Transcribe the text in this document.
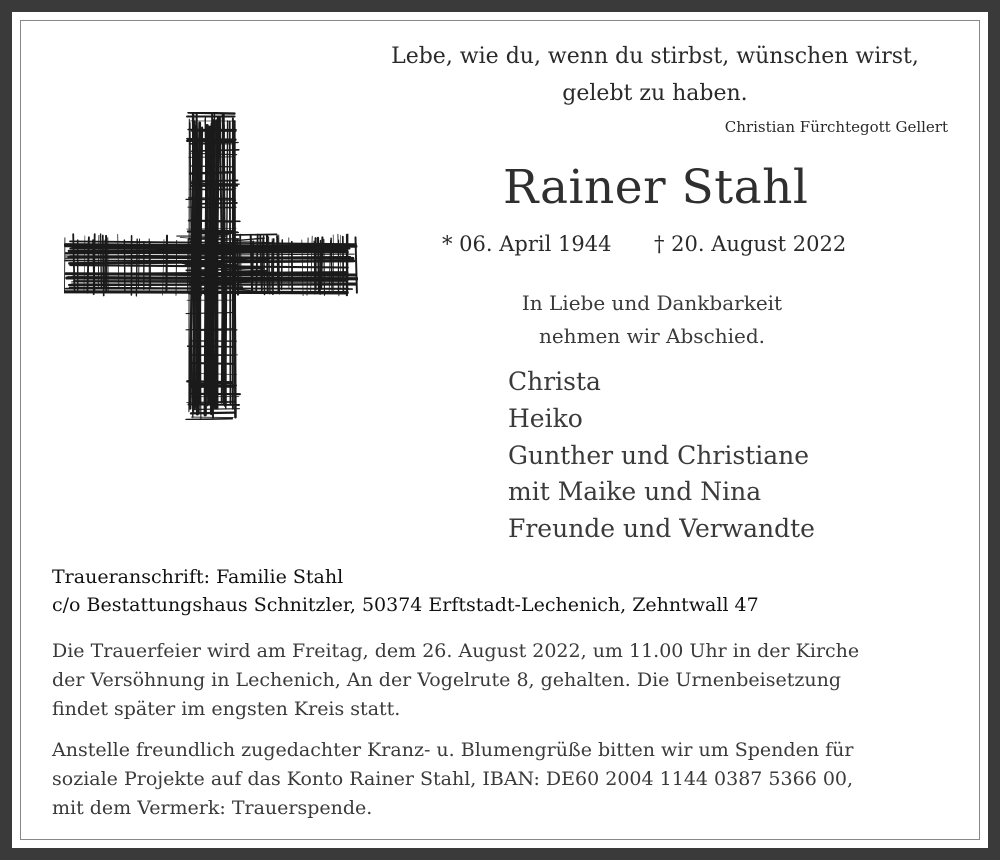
Lebe, wie du, wenn du stirbst, wünschen wirst,
gelebt zu haben.
Christian Fürchtegott Gellert
Rainer Stahl
* 06. April 1944 † 20. August 2022
In Liebe und Dankbarkeit
nehmen wir Abschied.
Christa
Heiko
Gunther und Christiane
mit Maike und Nina
Freunde und Verwandte
Traueranschrift: Familie Stahl
c/o Bestattungshaus Schnitzler, 50374 Erftstadt-Lechenich, Zehntwall 47

Die Trauerfeier wird am Freitag, dem 26. August 2022, um 11.00 Uhr in der Kirche

der Versöhnung in Lechenich, An der Vogelrute 8, gehalten. Die Urnenbeisetzung

findet später im engsten Kreis statt.

Anstelle freundlich zugedachter Kranz- u. Blumengrüße bitten wir um Spenden für

soziale Projekte auf das Konto Rainer Stahl, IBAN: DE60 2004 1144 0387 5366 00,

mit dem Vermerk: Trauerspende.
